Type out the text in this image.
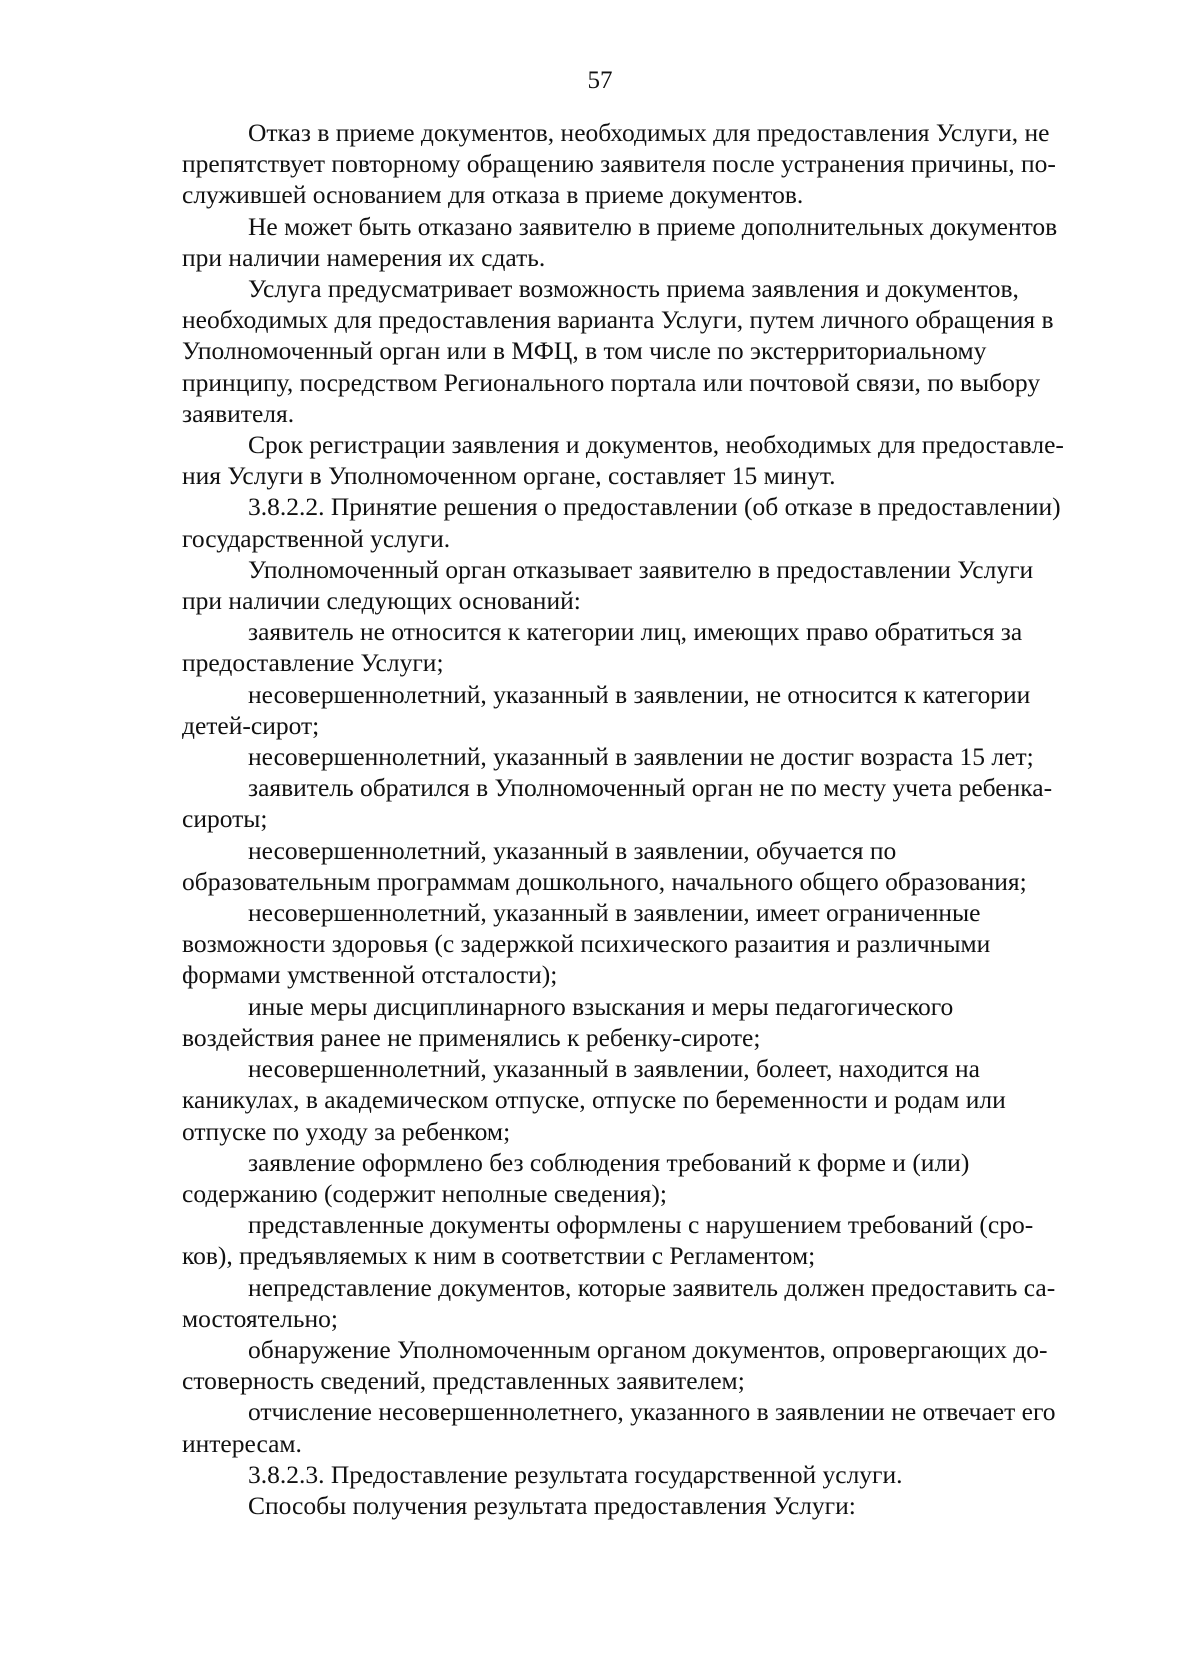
57

Отказ в приеме документов, необходимых для предоставления Услуги, не
препятствует повторному обращению заявителя после устранения причины, по-
служившей основанием для отказа в приеме документов.

Не может быть отказано заявителю в приеме дополнительных документов
при наличии намерения их сдать.

Услуга предусматривает возможность приема заявления и документов,
необходимых для предоставления варианта Услуги, путем личного обращения в
Уполномоченный орган или в МФЦ, в том числе по экстерриториальному
принципу, посредством Регионального портала или почтовой связи, по выбору
заявителя.

Срок регистрации заявления и документов, необходимых для предоставле-
ния Услуги в Уполномоченном органе, составляет 15 минут.

3.8.2.2. Принятие решения о предоставлении (об отказе в предоставлении)
государственной услуги.

Уполномоченный орган отказывает заявителю в предоставлении Услуги
при наличии следующих оснований:

заявитель не относится к категории лиц, имеющих право обратиться за
предоставление Услуги;

несовершеннолетний, указанный в заявлении, не относится к категории
детей-сирот;

несовершеннолетний, указанный в заявлении не достиг возраста 15 лет;

заявитель обратился в Уполномоченный орган не по месту учета ребенка-
сироты;

несовершеннолетний, указанный в заявлении, обучается по
образовательным программам дошкольного, начального общего образования;

несовершеннолетний, указанный в заявлении, имеет ограниченные
возможности здоровья (с задержкой психического разаития и различными
формами умственной отсталости);

иные меры дисциплинарного взыскания и меры педагогического
воздействия ранее не применялись к ребенку-сироте;

несовершеннолетний, указанный в заявлении, болеет, находится на
каникулах, в академическом отпуске, отпуске по беременности и родам или
отпуске по уходу за ребенком;

заявление оформлено без соблюдения требований к форме и (или)
содержанию (содержит неполные сведения);

представленные документы оформлены с нарушением требований (сро-
ков), предъявляемых к ним в соответствии с Регламентом;

непредставление документов, которые заявитель должен предоставить са-
мостоятельно;

обнаружение Уполномоченным органом документов, опровергающих до-
стоверность сведений, представленных заявителем;

отчисление несовершеннолетнего, указанного в заявлении не отвечает его
интересам.

3.8.2.3. Предоставление результата государственной услуги.

Способы получения результата предоставления Услуги:
